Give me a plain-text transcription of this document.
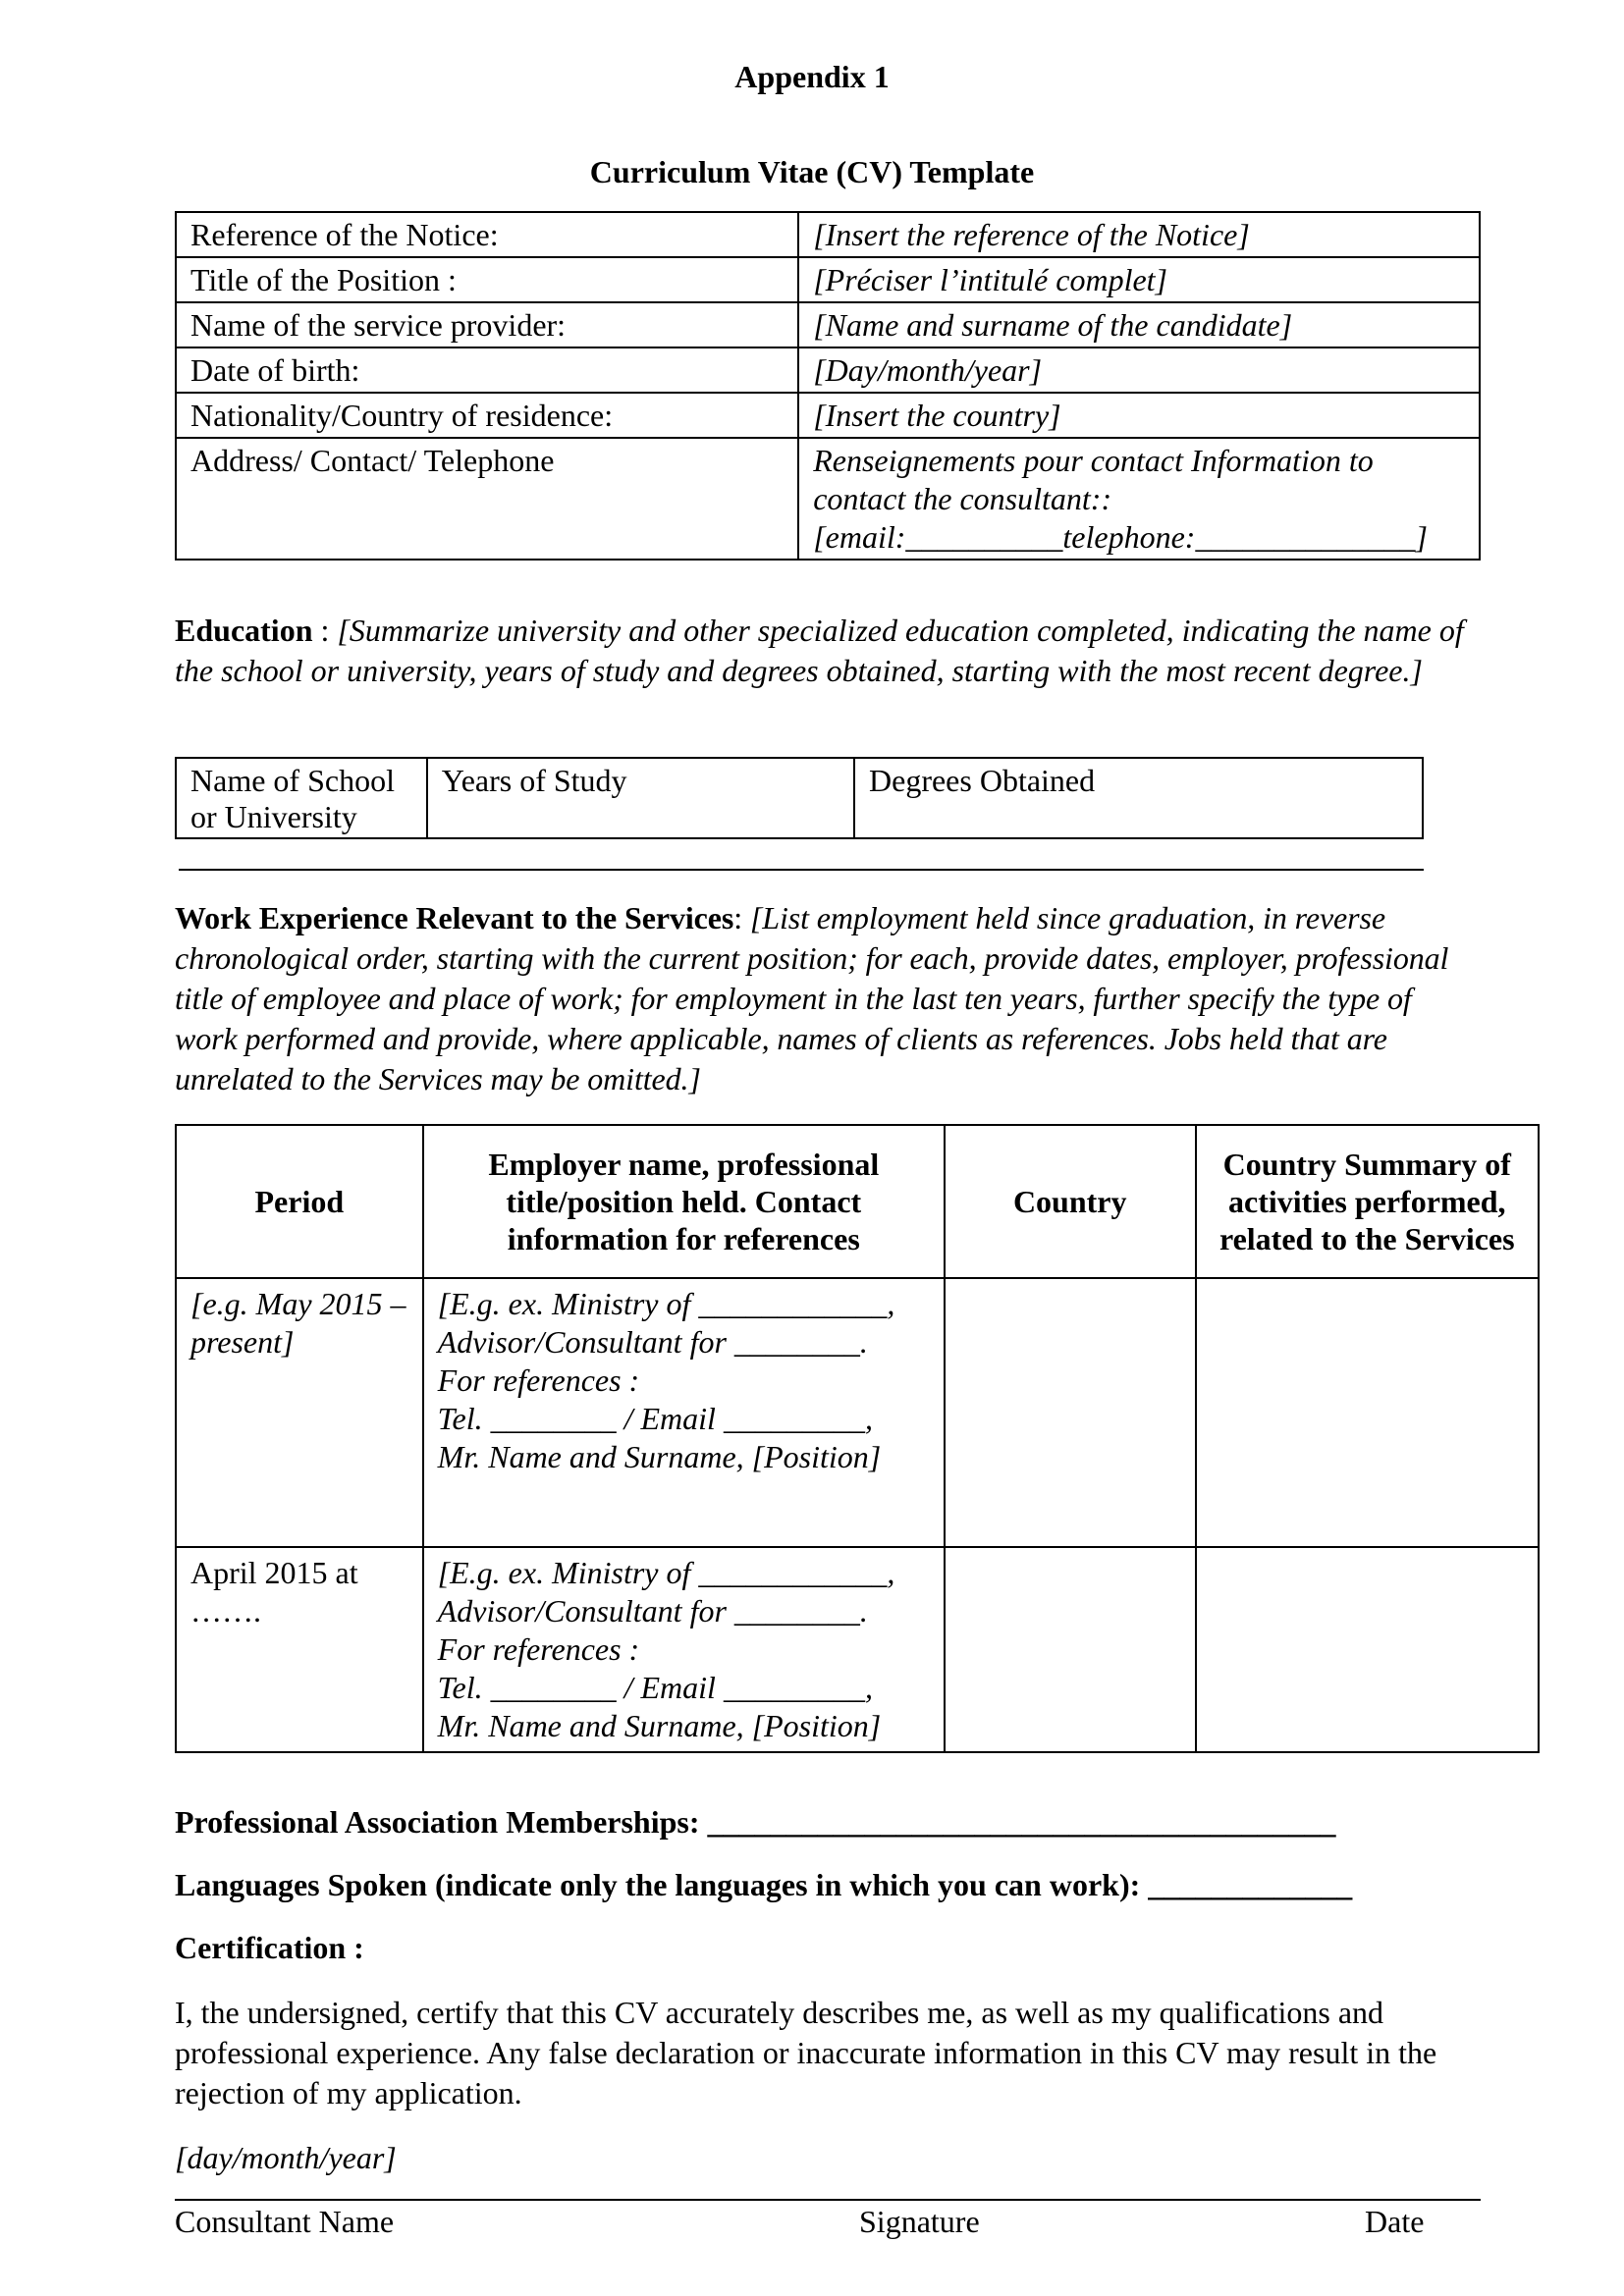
Appendix 1
Curriculum Vitae (CV) Template
Reference of the Notice:	[Insert the reference of the Notice]
Title of the Position :	[Préciser l’intitulé complet]
Name of the service provider:	[Name and surname of the candidate]
Date of birth:	[Day/month/year]
Nationality/Country of residence:	[Insert the country]
Address/ Contact/ Telephone	Renseignements pour contact Information to contact the consultant::
[email:__________telephone:______________]
Education : [Summarize university and other specialized education completed, indicating the name of the school or university, years of study and degrees obtained, starting with the most recent degree.]
Name of School or University	Years of Study	Degrees Obtained
Work Experience Relevant to the Services: [List employment held since graduation, in reverse chronological order, starting with the current position; for each, provide dates, employer, professional title of employee and place of work; for employment in the last ten years, further specify the type of work performed and provide, where applicable, names of clients as references. Jobs held that are unrelated to the Services may be omitted.]
Period	Employer name, professional title/position held. Contact information for references	Country	Country Summary of activities performed, related to the Services
[e.g. May 2015 – present]	[E.g. ex. Ministry of ____________,
Advisor/Consultant for ________.
For references :
Tel. ________ / Email _________,
Mr. Name and Surname, [Position]		
April 2015 at …….	[E.g. ex. Ministry of ____________,
Advisor/Consultant for ________.
For references :
Tel. ________ / Email _________,
Mr. Name and Surname, [Position]		
Professional Association Memberships: ________________________________________
Languages Spoken (indicate only the languages in which you can work): _____________
Certification :
I, the undersigned, certify that this CV accurately describes me, as well as my qualifications and professional experience. Any false declaration or inaccurate information in this CV may result in the rejection of my application.
[day/month/year]
Consultant Name	Signature	Date
